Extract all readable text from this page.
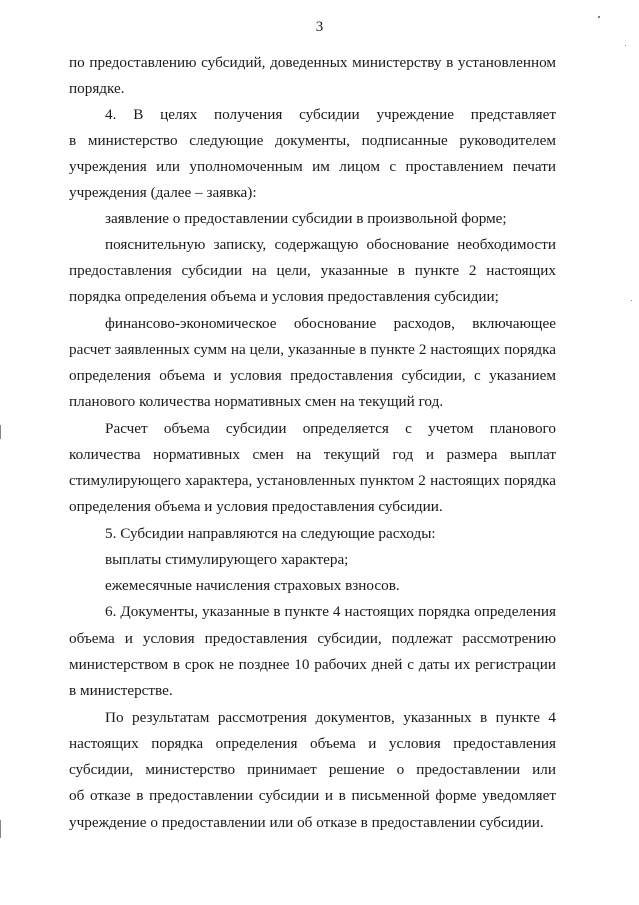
3
по предоставлению субсидий, доведенных министерству в установленном
порядке.
4. В целях получения субсидии учреждение представляет
в министерство следующие документы, подписанные руководителем
учреждения или уполномоченным им лицом с проставлением печати
учреждения (далее – заявка):
заявление о предоставлении субсидии в произвольной форме;
пояснительную записку, содержащую обоснование необходимости
предоставления субсидии на цели, указанные в пункте 2 настоящих
порядка определения объема и условия предоставления субсидии;
финансово-экономическое обоснование расходов, включающее
расчет заявленных сумм на цели, указанные в пункте 2 настоящих порядка
определения объема и условия предоставления субсидии, с указанием
планового количества нормативных смен на текущий год.
Расчет объема субсидии определяется с учетом планового
количества нормативных смен на текущий год и размера выплат
стимулирующего характера, установленных пунктом 2 настоящих порядка
определения объема и условия предоставления субсидии.
5. Субсидии направляются на следующие расходы:
выплаты стимулирующего характера;
ежемесячные начисления страховых взносов.
6. Документы, указанные в пункте 4 настоящих порядка определения
объема и условия предоставления субсидии, подлежат рассмотрению
министерством в срок не позднее 10 рабочих дней с даты их регистрации
в министерстве.
По результатам рассмотрения документов, указанных в пункте 4
настоящих порядка определения объема и условия предоставления
субсидии, министерство принимает решение о предоставлении или
об отказе в предоставлении субсидии и в письменной форме уведомляет
учреждение о предоставлении или об отказе в предоставлении субсидии.
